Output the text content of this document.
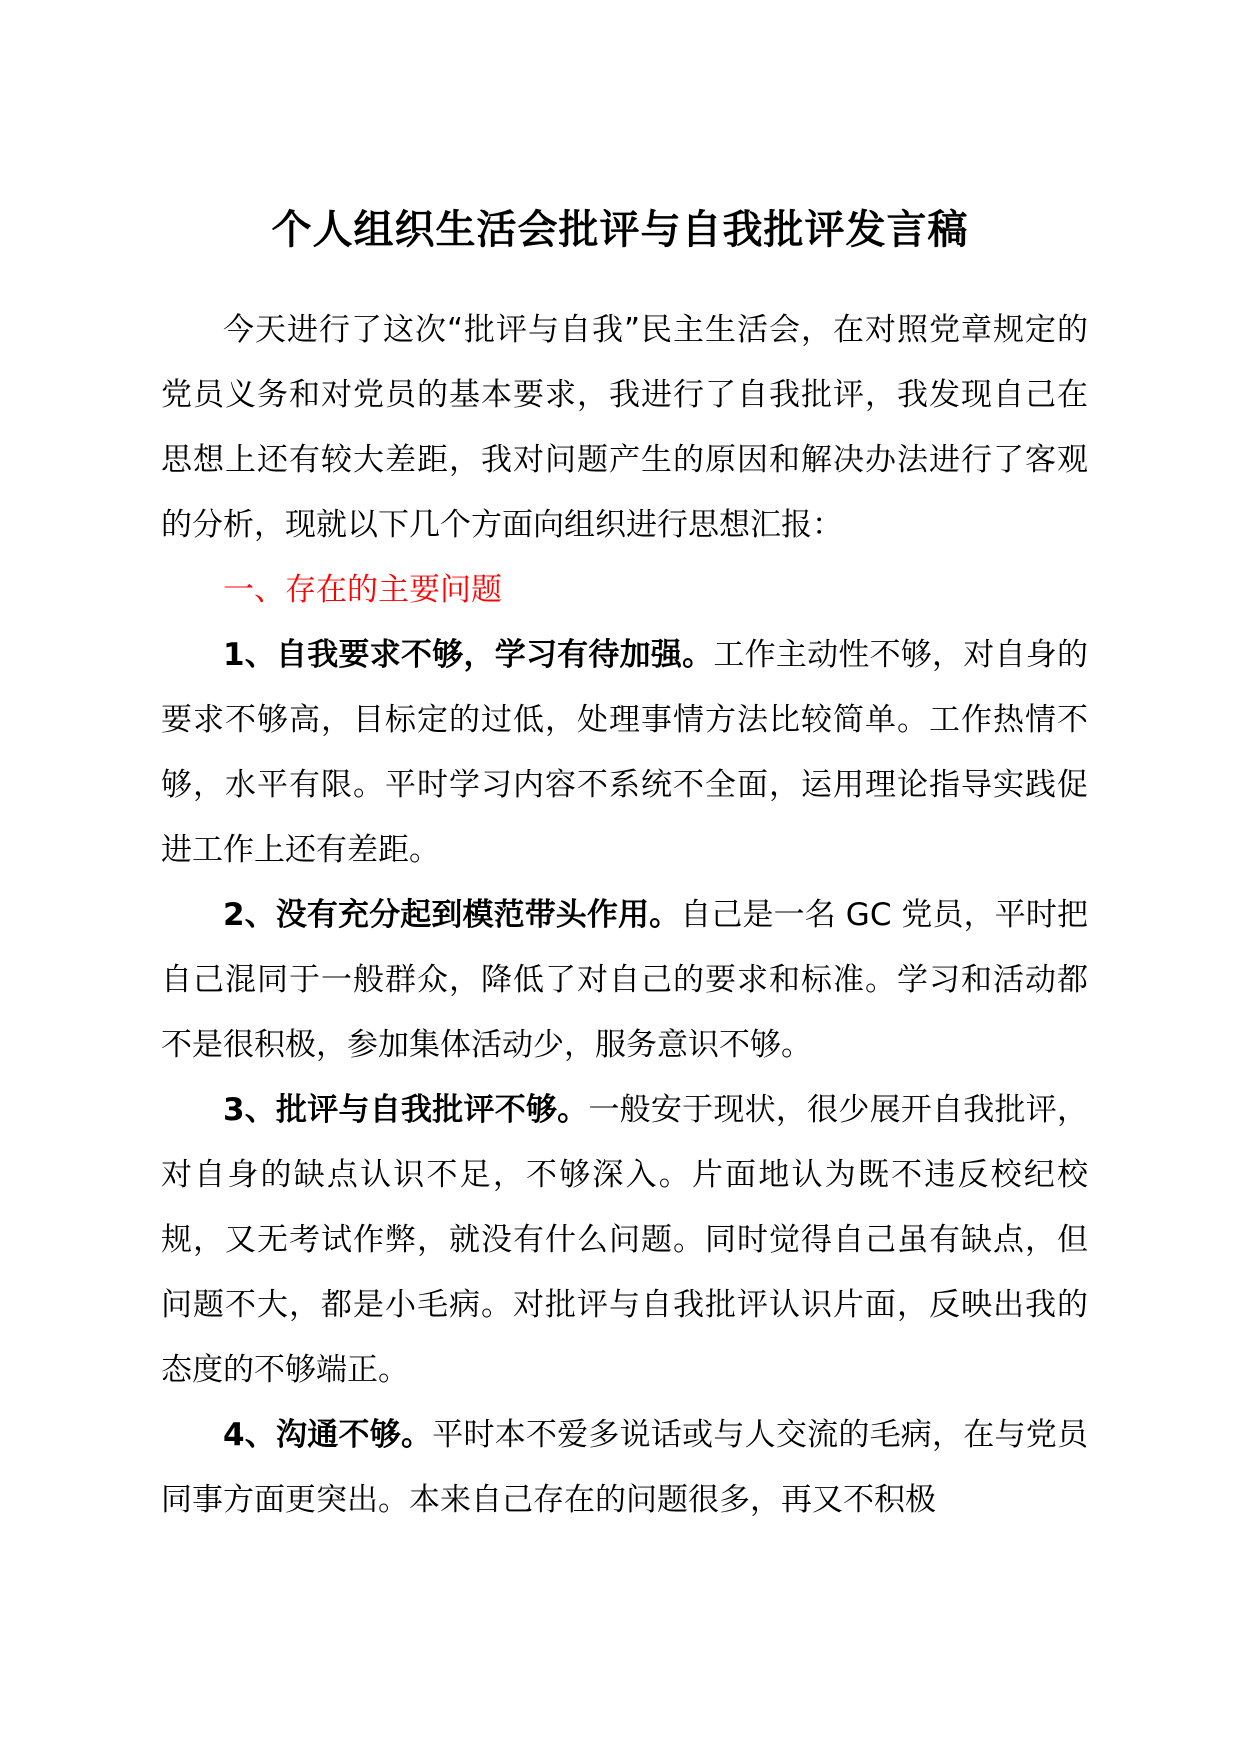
个人组织生活会批评与自我批评发言稿

今天进行了这次“批评与自我”民主生活会，在对照党章规定的党员义务和对党员的基本要求，我进行了自我批评，我发现自己在思想上还有较大差距，我对问题产生的原因和解决办法进行了客观的分析，现就以下几个方面向组织进行思想汇报：

一、存在的主要问题

1、自我要求不够，学习有待加强。工作主动性不够，对自身的要求不够高，目标定的过低，处理事情方法比较简单。工作热情不够，水平有限。平时学习内容不系统不全面，运用理论指导实践促进工作上还有差距。

2、没有充分起到模范带头作用。自己是一名 GC 党员，平时把自己混同于一般群众，降低了对自己的要求和标准。学习和活动都不是很积极，参加集体活动少，服务意识不够。

3、批评与自我批评不够。一般安于现状，很少展开自我批评，对自身的缺点认识不足，不够深入。片面地认为既不违反校纪校规，又无考试作弊，就没有什么问题。同时觉得自己虽有缺点，但问题不大，都是小毛病。对批评与自我批评认识片面，反映出我的态度的不够端正。

4、沟通不够。平时本不爱多说话或与人交流的毛病，在与党员同事方面更突出。本来自己存在的问题很多，再又不积极
